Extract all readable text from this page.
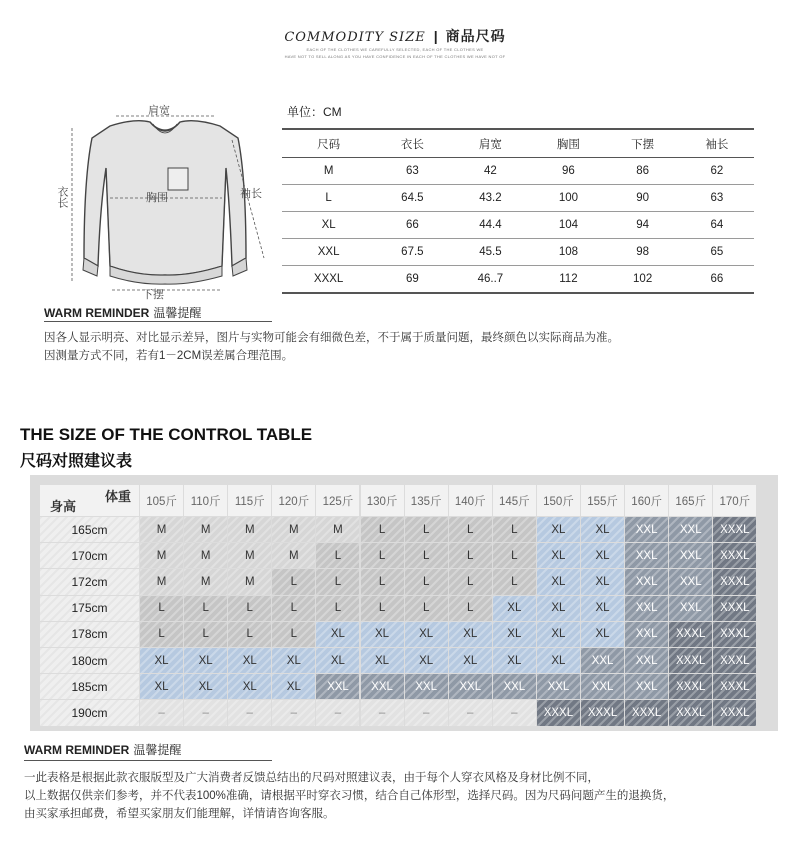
COMMODITY SIZE | 商品尺码
EACH OF THE CLOTHES WE CAREFULLY SELECTED, EACH OF THE CLOTHES WE
HAVE NOT TO SELL ALONG AS YOU HAVE CONFIDENCE IN EACH OF THE CLOTHES WE HAVE NOT OF
肩宽
衣长	胸围	袖长
下摆
单位：CM
尺码	衣长	肩宽	胸围	下摆	袖长
M	63	42	96	86	62
L	64.5	43.2	100	90	63
XL	66	44.4	104	94	64
XXL	67.5	45.5	108	98	65
XXXL	69	46..7	112	102	66
WARM REMINDER 温馨提醒
因各人显示明亮、对比显示差异，图片与实物可能会有细微色差，不于属于质量问题，最终颜色以实际商品为准。
因测量方式不同，若有1－2CM误差属合理范围。
THE SIZE OF THE CONTROL TABLE
尺码对照建议表
体重
身高	105斤	110斤	115斤	120斤	125斤	130斤	135斤	140斤	145斤	150斤	155斤	160斤	165斤	170斤
165cm	M	M	M	M	M	L	L	L	L	XL	XL	XXL	XXL	XXXL
170cm	M	M	M	M	L	L	L	L	L	XL	XL	XXL	XXL	XXXL
172cm	M	M	M	L	L	L	L	L	L	XL	XL	XXL	XXL	XXXL
175cm	L	L	L	L	L	L	L	L	XL	XL	XL	XXL	XXL	XXXL
178cm	L	L	L	L	XL	XL	XL	XL	XL	XL	XL	XXL	XXXL	XXXL
180cm	XL	XL	XL	XL	XL	XL	XL	XL	XL	XL	XXL	XXL	XXXL	XXXL
185cm	XL	XL	XL	XL	XXL	XXL	XXL	XXL	XXL	XXL	XXL	XXL	XXXL	XXXL
190cm	–	–	–	–	–	–	–	–	–	XXXL	XXXL	XXXL	XXXL	XXXL
WARM REMINDER 温馨提醒
一此表格是根据此款衣服版型及广大消费者反馈总结出的尺码对照建议表，由于每个人穿衣风格及身材比例不同，
以上数据仅供亲们参考，并不代表100%准确，请根据平时穿衣习惯，结合自己体形型，选择尺码。因为尺码问题产生的退换货，
由买家承担邮费，希望买家朋友们能理解，详情请咨询客服。
